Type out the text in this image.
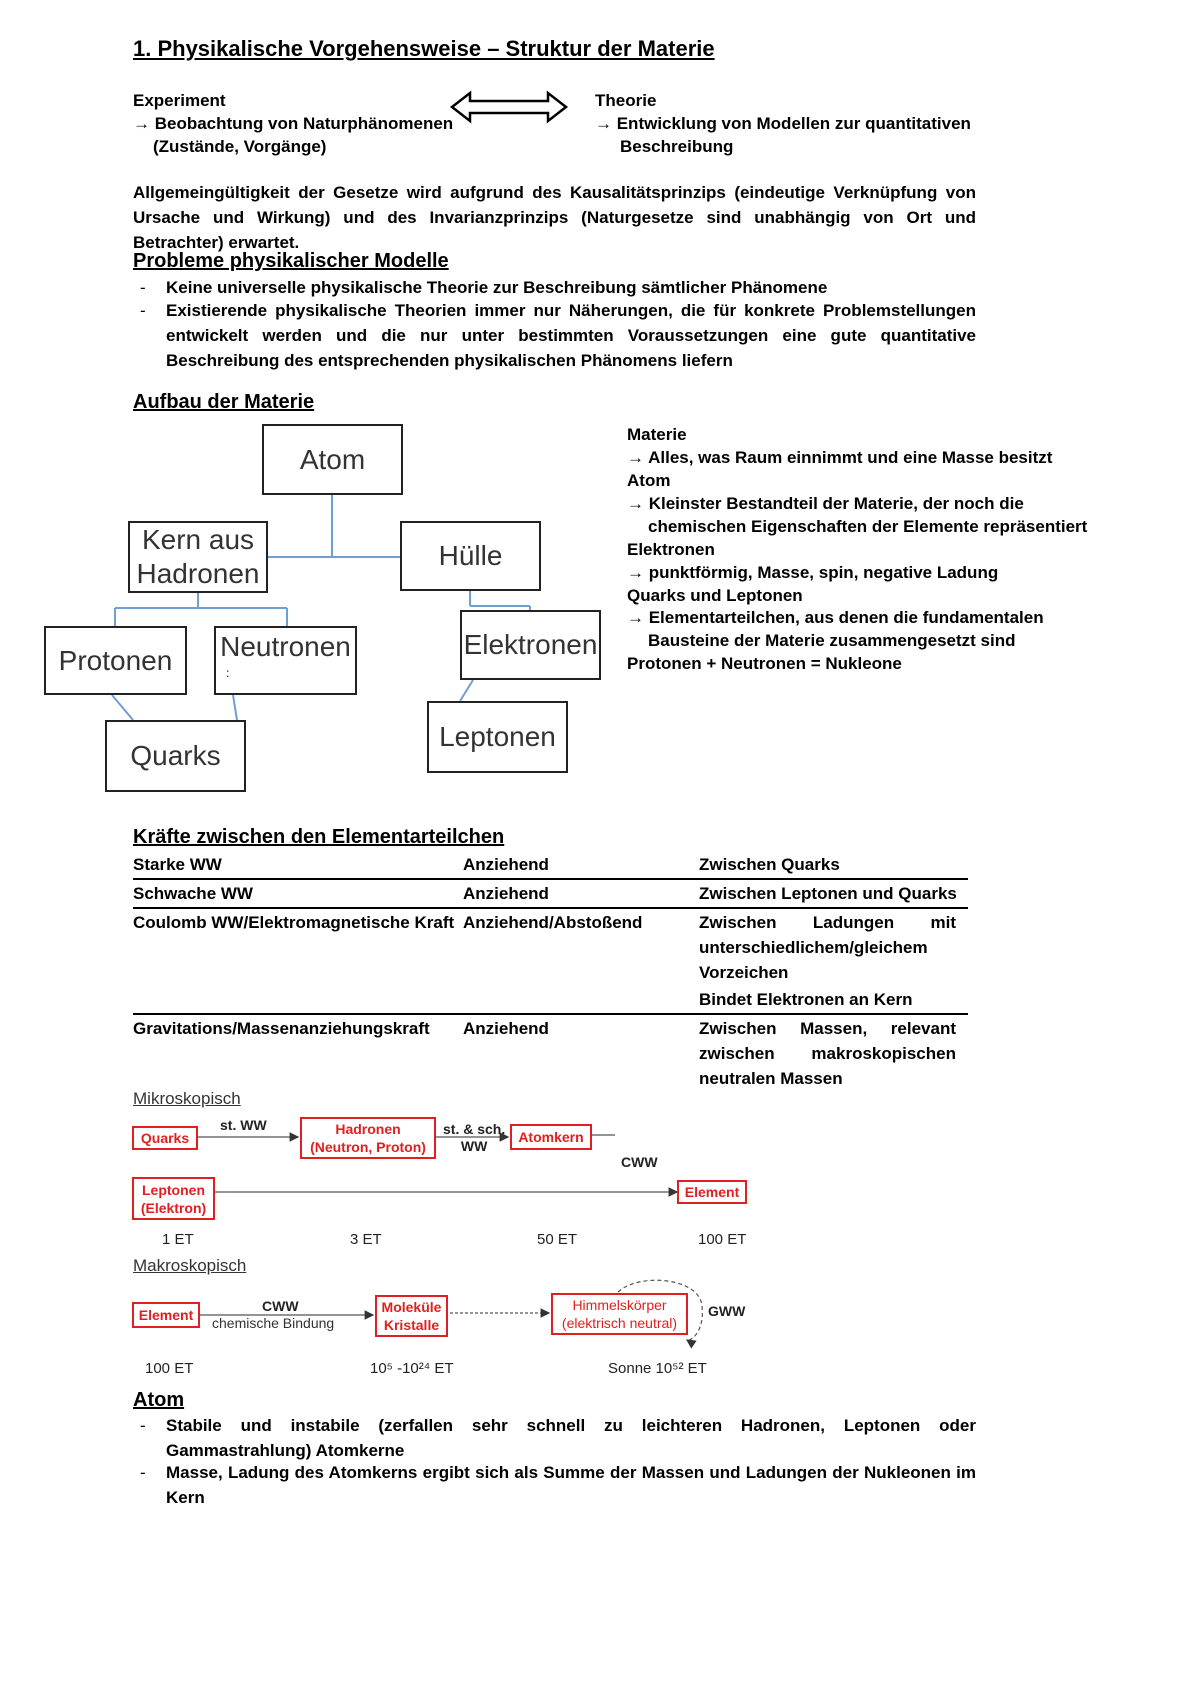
1. Physikalische Vorgehensweise – Struktur der Materie
Experiment
→ Beobachtung von Naturphänomenen
(Zustände, Vorgänge)
Theorie
→ Entwicklung von Modellen zur quantitativen
Beschreibung
Allgemeingültigkeit der Gesetze wird aufgrund des Kausalitätsprinzips (eindeutige Verknüpfung von Ursache und Wirkung) und des Invarianzprinzips (Naturgesetze sind unabhängig von Ort und Betrachter) erwartet.
Probleme physikalischer Modelle
- Keine universelle physikalische Theorie zur Beschreibung sämtlicher Phänomene
- Existierende physikalische Theorien immer nur Näherungen, die für konkrete Problemstellungen entwickelt werden und die nur unter bestimmten Voraussetzungen eine gute quantitative Beschreibung des entsprechenden physikalischen Phänomens liefern
Aufbau der Materie
Atom
Kern aus
Hadronen
Hülle
Protonen Neutronen
:
Elektronen
Quarks
Leptonen
Materie
→ Alles, was Raum einnimmt und eine Masse besitzt
Atom
→ Kleinster Bestandteil der Materie, der noch die
chemischen Eigenschaften der Elemente repräsentiert
Elektronen
→ punktförmig, Masse, spin, negative Ladung
Quarks und Leptonen
→ Elementarteilchen, aus denen die fundamentalen
Bausteine der Materie zusammengesetzt sind
Protonen + Neutronen = Nukleone
Kräfte zwischen den Elementarteilchen
Starke WW	Anziehend	Zwischen Quarks
Schwache WW	Anziehend	Zwischen Leptonen und Quarks
Coulomb WW/Elektromagnetische Kraft	Anziehend/Abstoßend	Zwischen Ladungen mit unterschiedlichem/gleichem Vorzeichen
		Bindet Elektronen an Kern
Gravitations/Massenanziehungskraft	Anziehend	Zwischen Massen, relevant zwischen makroskopischen neutralen Massen
Mikroskopisch
Quarks
st. WW	Hadronen
(Neutron, Proton)
st. & sch.
WW
Atomkern
CWW
Leptonen
(Elektron)
Element
1 ET	3 ET	50 ET	100 ET
Makroskopisch
Element
CWW
chemische Bindung
Moleküle
Kristalle
Himmelskörper
(elektrisch neutral)
GWW
100 ET	10⁵ -10²⁴ ET	Sonne 10⁵² ET
Atom
- Stabile und instabile (zerfallen sehr schnell zu leichteren Hadronen, Leptonen oder Gammastrahlung) Atomkerne
- Masse, Ladung des Atomkerns ergibt sich als Summe der Massen und Ladungen der Nukleonen im Kern
